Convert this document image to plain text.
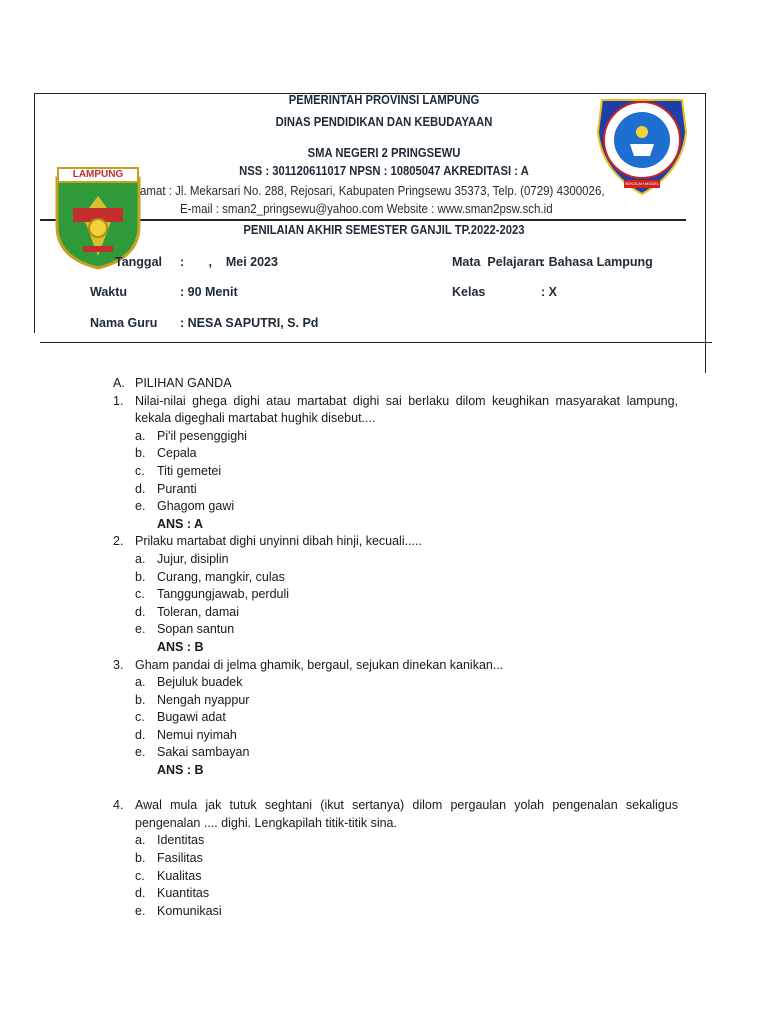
PEMERINTAH PROVINSI LAMPUNG
DINAS PENDIDIKAN DAN KEBUDAYAAN
SMA NEGERI 2 PRINGSEWU
NSS : 301120611017 NPSN : 10805047 AKREDITASI : A
amat : Jl. Mekarsari No. 288, Rejosari, Kabupaten Pringsewu 35373, Telp. (0729) 4300026,
E-mail : sman2_pringsewu@yahoo.com Website : www.sman2psw.sch.id
PENILAIAN AKHIR SEMESTER GANJIL TP.2022-2023
LAMPUNG
SEKOLAH MODEL
Tanggal :       ,    Mei 2023
Waktu	: 90 Menit
Nama Guru : NESA SAPUTRI, S. Pd
Mata  Pelajaran
: Bahasa Lampung
Kelas	: X
A. PILIHAN GANDA
1. Nilai-nilai ghega dighi atau martabat dighi sai berlaku dilom keughikan masyarakat lampung, kekala digeghali martabat hughik disebut....
a. Pi'il pesenggighi
b. Cepala
c. Titi gemetei
d. Puranti
e. Ghagom gawi
ANS : A
2. Prilaku martabat dighi unyinni dibah hinji, kecuali.....
a. Jujur, disiplin
b. Curang, mangkir, culas
c. Tanggungjawab, perduli
d. Toleran, damai
e. Sopan santun
ANS : B
3. Gham pandai di jelma ghamik, bergaul, sejukan dinekan kanikan...
a. Bejuluk buadek
b. Nengah nyappur
c. Bugawi adat
d. Nemui nyimah
e. Sakai sambayan
ANS : B
4. Awal mula jak tutuk seghtani (ikut sertanya) dilom pergaulan yolah pengenalan sekaligus pengenalan .... dighi. Lengkapilah titik-titik sina.
a. Identitas
b. Fasilitas
c. Kualitas
d. Kuantitas
e. Komunikasi
